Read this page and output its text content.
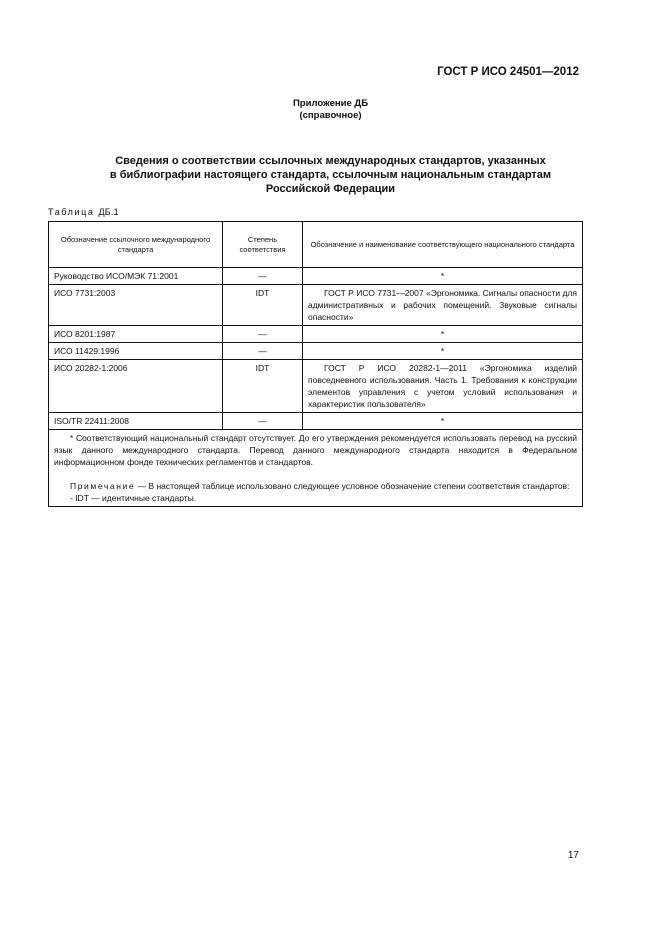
ГОСТ Р ИСО 24501—2012
Приложение ДБ
(справочное)
Сведения о соответствии ссылочных международных стандартов, указанных
в библиографии настоящего стандарта, ссылочным национальным стандартам
Российской Федерации
Таблица ДБ.1
Обозначение ссылочного международного стандарта	Степень соответствия	Обозначение и наименование соответствующего национального стандарта
Руководство ИСО/МЭК 71:2001	—	*
ИСО 7731:2003	IDT	ГОСТ Р ИСО 7731—2007 «Эргономика. Сигналы опасности для административных и рабочих помещений. Звуковые сигналы опасности»
ИСО 8201:1987	—	*
ИСО 11429:1996	—	*
ИСО 20282-1:2006	IDT	ГОСТ Р ИСО 20282-1—2011 «Эргономика изделий повседневного использования. Часть 1. Требования к конструкции элементов управления с учетом условий использования и характеристик пользователя»
ISO/TR 22411:2008	—	*

* Соответствующий национальный стандарт отсутствует. До его утверждения рекомендуется использовать перевод на русский язык данного международного стандарта. Перевод данного международного стандарта находится в Федеральном информационном фонде технических регламентов и стандартов.

Примечание — В настоящей таблице использовано следующее условное обозначение степени соответствия стандартов:

- IDT — идентичные стандарты.		

17
